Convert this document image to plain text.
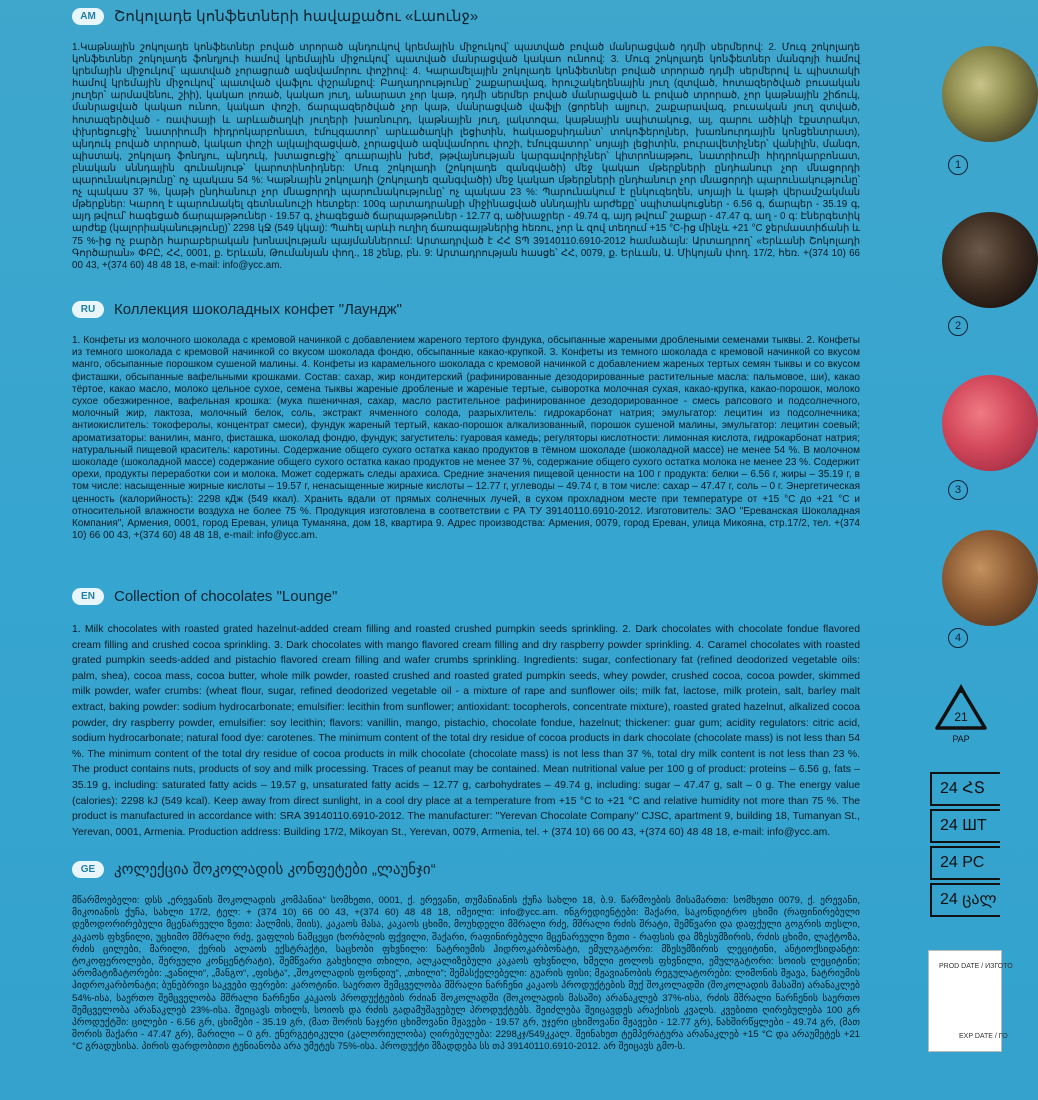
AM	Շոկոլադե կոնֆետների հավաքածու «Լաունջ»
1.Կաթնային շոկոլադե կոնֆետներ բոված տրորած պնդուկով կրեմային միջուկով՝ պատված բոված մանրացված դդմի սերմերով: 2. Մուգ շոկոլադե կոնֆետներ շոկոլադե ֆոնդյուի համով կրեմային միջուկով՝ պատված մանրացված կակաո ունոով: 3. Մուգ շոկոլադե կոնֆետներ մանգոյի համով կրեմային միջուկով՝ պատված չորացրած ազնվամորու փոշիով: 4. Կարամելային շոկոլադե կոնֆետներ բոված տրորած դդմի սերմերով և պիստակի համով կրեմային միջուկով՝ պատված վաֆլու փշրանքով: Բաղադրությունը՝ շաքարավազ, հրուշակեղենային յուղ (զտված, հոտազերծված բուսական յուղեր՝ արմավենու, շիի), կակաո լոռած, կակաո յուղ, անարատ չոր կաթ, դդմի սերմեր բոված մանրացված և բոված տրորած, չոր կաթնային շիճուկ, մանրացված կակաո ունոո, կակաո փոշի, ճարպազերծված չոր կաթ, մանրացված վաֆլի (ցորենի ալյուր, շաքարավազ, բուսական յուղ զտված, հոտազերծված - ռափսայի և արևածաղկի յուղերի խառնուրդ, կաթնային յուղ, լակտոզա, կաթնային սպիտակուց, ալ, գարու ածիկի էքստրակտ, փխրեցուցիչ՝ նատրիումի հիդրոկարբոնատ, էմուլգատոր՝ արևածաղկի լեցիտին, հակաօքսիդանտ՝ տոկոֆերոլներ, խառնուրդային կոնցենտրատ), պնդուկ բոված տրորած, կակաո փոշի ալկալիզացված, չորացված ազնվամորու փոշի, էմուլգատոր՝ սոյայի լեցիտին, բուրավետիչներ՝ վանիլին, մանգո, պիստակ, շոկոլադ ֆոնդյու, պնդուկ, խտացուցիչ՝ գուարային խեժ, թթվայնության կարգավորիչներ՝ կիտրոնաթթու, նատրիումի հիդրոկարբոնատ, բնական սննդային գունանյութ՝ կարոտինոիդներ: Մուգ շոկոլադի (շոկոլադե զանգվածի) մեջ կակաո մթերքների ընդհանուր չոր մնացորդի պարունակությունը՝ ոչ պակաս 54 %: Կաթնային շոկոլադի (շոկոլադե զանգվածի) մեջ կակաո մթերքների ընդհանուր չոր մնացորդի պարունակությունը՝ ոչ պակաս 37 %, կաթի ընդհանուր չոր մնացորդի պարունակությունը՝ ոչ պակաս 23 %: Պարունակում է ընկուզեղեն, սոյայի և կաթի վերամշակման մթերքներ: Կարող է պարունակել գետնանուշի հետքեր: 100գ արտադրանքի միջինացված սննդային արժեքը՝ սպիտակուցներ - 6.56 գ, ճարպեր - 35.19 գ, այդ թվում՝ հագեցած ճարպաթթուներ - 19.57 գ, չհագեցած ճարպաթթուներ - 12.77 գ, ածխաջրեր - 49.74 գ, այդ թվում՝ շաքար - 47.47 գ, աղ - 0 գ: Էներգետիկ արժեք (կալորիականությունը)՝ 2298 կՋ (549 կկալ): Պահել արևի ուղիղ ճառագայթներից հեռու, չոր և զով տեղում +15 °C-ից մինչև +21 °C ջերմաստիճանի և 75 %-ից ոչ բարձր հարաբերական խոնավության պայմաններում: Արտադրված է ՀՀ ՏՊ 39140110.6910-2012 համաձայն: Արտադրող՝ «Երևանի Շոկոլադի Գործարան» ՓԲԸ, ՀՀ, 0001, ք. Երևան, Թումանյան փող., 18 շենք, բն. 9: Արտադրության հասցե՝ ՀՀ, 0079, ք. Երևան, Ա. Միկոյան փող. 17/2, հեռ. +(374 10) 66 00 43, +(374 60) 48 48 18, e-mail: info@ycc.am.
RU	Коллекция шоколадных конфет "Лаундж"
1. Конфеты из молочного шоколада с кремовой начинкой с добавлением жареного тертого фундука, обсыпанные жареными дроблеными семенами тыквы. 2. Конфеты из темного шоколада с кремовой начинкой со вкусом шоколада фондю, обсыпанные какао-крупкой. 3. Конфеты из темного шоколада с кремовой начинкой со вкусом манго, обсыпанные порошком сушеной малины. 4. Конфеты из карамельного шоколада с кремовой начинкой с добавлением жареных тертых семян тыквы и со вкусом фисташки, обсыпанные вафельными крошками. Состав: сахар, жир кондитерский (рафинированные дезодорированные растительные масла: пальмовое, ши), какао тёртое, какао масло, молоко цельное сухое, семена тыквы жареные дробленые и жареные тертые, сыворотка молочная сухая, какао-крупка, какао-порошок, молоко сухое обезжиренное, вафельная крошка: (мука пшеничная, сахар, масло растительное рафинированное дезодорированное - смесь рапсового и подсолнечного, молочный жир, лактоза, молочный белок, соль, экстракт ячменного солода, разрыхлитель: гидрокарбонат натрия; эмульгатор: лецитин из подсолнечника; антиокислитель: токоферолы, концентрат смеси), фундук жареный тертый, какао-порошок алкализованный, порошок сушеной малины, эмульгатор: лецитин соевый; ароматизаторы: ванилин, манго, фисташка, шоколад фондю, фундук; загуститель: гуаровая камедь; регуляторы кислотности: лимонная кислота, гидрокарбонат натрия; натуральный пищевой краситель: каротины. Содержание общего сухого остатка какао продуктов в тёмном шоколаде (шоколадной массе) не менее 54 %. В молочном шоколаде (шоколадной массе) содержание общего сухого остатка какао продуктов не менее 37 %, содержание общего сухого остатка молока не менее 23 %. Содержит орехи, продукты переработки сои и молока. Может содержать следы арахиса. Средние значения пищевой ценности на 100 г продукта: белки – 6.56 г, жиры – 35.19 г, в том числе: насыщенные жирные кислоты – 19.57 г, ненасыщенные жирные кислоты – 12.77 г, углеводы – 49.74 г, в том числе: сахар – 47.47 г, соль – 0 г. Энергетическая ценность (калорийность): 2298 кДж (549 ккал). Хранить вдали от прямых солнечных лучей, в сухом прохладном месте при температуре от +15 °С до +21 °С и относительной влажности воздуха не более 75 %. Продукция изготовлена в соответствии с РА ТУ 39140110.6910-2012. Изготовитель: ЗАО "Ереванская Шоколадная Компания", Армения, 0001, город Ереван, улица Туманяна, дом 18, квартира 9. Адрес производства: Армения, 0079, город Ереван, улица Микояна, стр.17/2, тел. +(374 10) 66 00 43, +(374 60) 48 48 18, e-mail: info@ycc.am.
EN	Collection of chocolates "Lounge"
1. Milk chocolates with roasted grated hazelnut-added cream filling and roasted crushed pumpkin seeds sprinkling. 2. Dark chocolates with chocolate fondue flavored cream filling and crushed cocoa sprinkling. 3. Dark chocolates with mango flavored cream filling and dry raspberry powder sprinkling. 4. Caramel chocolates with roasted grated pumpkin seeds-added and pistachio flavored cream filling and wafer crumbs sprinkling. Ingredients: sugar, confectionary fat (refined deodorized vegetable oils: palm, shea), cocoa mass, cocoa butter, whole milk powder, roasted crushed and roasted grated pumpkin seeds, whey powder, crushed cocoa, cocoa powder, skimmed milk powder, wafer crumbs: (wheat flour, sugar, refined deodorized vegetable oil - a mixture of rape and sunflower oils; milk fat, lactose, milk protein, salt, barley malt extract, baking powder: sodium hydrocarbonate; emulsifier: lecithin from sunflower; antioxidant: tocopherols, concentrate mixture), roasted grated hazelnut, alkalized cocoa powder, dry raspberry powder, emulsifier: soy lecithin; flavors: vanillin, mango, pistachio, chocolate fondue, hazelnut; thickener: guar gum; acidity regulators: citric acid, sodium hydrocarbonate; natural food dye: carotenes. The minimum content of the total dry residue of cocoa products in dark chocolate (chocolate mass) is not less than 54 %. The minimum content of the total dry residue of cocoa products in milk chocolate (chocolate mass) is not less than 37 %, total dry milk content is not less than 23 %. The product contains nuts, products of soy and milk processing. Traces of peanut may be contained. Mean nutritional value per 100 g of product: proteins – 6.56 g, fats – 35.19 g, including: saturated fatty acids – 19.57 g, unsaturated fatty acids – 12.77 g, carbohydrates – 49.74 g, including: sugar – 47.47 g, salt – 0 g. The energy value (calories): 2298 kJ (549 kcal). Keep away from direct sunlight, in a cool dry place at a temperature from +15 °C to +21 °C and relative humidity not more than 75 %. The product is manufactured in accordance with: SRA 39140110.6910-2012. The manufacturer: "Yerevan Chocolate Company" CJSC, apartment 9, building 18, Tumanyan St., Yerevan, 0001, Armenia. Production address: Building 17/2, Mikoyan St., Yerevan, 0079, Armenia, tel. + (374 10) 66 00 43, +(374 60) 48 48 18, e-mail: info@ycc.am.
GE	კოლექცია შოკოლადის კონფეტები „ლაუნჯი“
მწარმოებელი: დსს „ერევანის შოკოლადის კომპანია“ სომხეთი, 0001, ქ. ერევანი, თუმანიანის ქუჩა სახლი 18, ბ.9. წარმოების მისამართი: სომხეთი 0079, ქ. ერევანი, მიკოიანის ქუჩა, სახლი 17/2, ტელ: + (374 10) 66 00 43, +(374 60) 48 48 18, იმეილი: info@ycc.am. ინგრედიენტები: შაქარი, საკონდიტრო ცხიმი (რაფინირებული დეზოდორირებული მცენარეული ზეთი: პალმის, შიის), კაკაოს მასა, კაკაოს ცხიმი, მოუხდელი მშრალი რძე, მშრალი რძის შრატი, შემწვარი და დაფქული გოგრის თესლი, კაკაოს ფხვნილი, უცხიმო მშრალი რძე, ვაფლის ნამცეცი (ხორბლის ფქვილი, შაქარი, რაფინირებული მცენარეული ზეთი - რაფსის და მზესუმზირის, რძის ცხიმი, ლაქტოზა, რძის ცილები, მარილი, ქერის ალაოს ექსტრაქტი, საცხობი ფხვნილი: ნატრიუმის ჰიდროკარბონატი, ემულგატორი: მზესუმზირის ლეციტინი, ანტიოქსიდანტი: ტოკოფეროლები, შერეული კონცენტრატი), შემწვარი გახეხილი თხილი, ალკალიზებული კაკაოს ფხვნილი, ხმელი ჟოლოს ფხვნილი, ემულგატორი: სოიის ლეციტინი; არომატიზატორები: „ვანილი“, „მანგო“, „ფისტა“, „შოკოლადის ფონდიუ“, „თხილი“; შემასქელებელი: გუარის ფისი; მჟავიანობის რეგულატორები: ლიმონის მჟავა, ნატრიუმის ჰიდროკარბონატი; ბუნებრივი საკვები ფერები: კაროტინი. საერთო შემცველობა მშრალი ნარჩენი კაკაოს პროდუქტების მუქ შოკოლადში (შოკოლადის მასაში) არანაკლებ 54%-ისა, საერთო შემცველობა მშრალი ნარჩენი კაკაოს პროდუქტების რძიან შოკოლადში (შოკოლადის მასაში) არანაკლებ 37%-ისა, რძის მშრალი ნარჩენის საერთო შემცველობა არანაკლებ 23%-ისა. შეიცავს თხილს, სოიოს და რძის გადამუშავებულ პროდუქტებს. შეიძლება შეიცავდეს არაქისის კვალს. კვებითი ღირებულება 100 გრ პროდუქტში: ცილები - 6.56 გრ, ცხიმები - 35.19 გრ, (მათ შორის ნაჯერი ცხიმოვანი მჟავები - 19.57 გრ, უჯერი ცხიმოვანი მჟავები - 12.77 გრ), ნახშირწყლები - 49.74 გრ, (მათ შორის შაქარი - 47.47 გრ), მარილი – 0 გრ. ენერგეტიკული (კალორიულობა) ღირებულება: 2298კჯ/549კკალ. შეინახეთ ტემპერატურა არანაკლებ +15 °С და არაუმეტეს +21 °С გრადუსისა. პირის ფარდობითი ტენიანობა არა უმეტეს 75%-ისა. პროდუქტი შზადდება სს თპ 39140110.6910-2012. არ შეიცავს გმო-ს.
1
2
3
4
21
PAP
24 ՀՏ
24 ШТ
24 РС
24 ცალ
PROD DATE / ИЗГОТО
EXP DATE / ГО
